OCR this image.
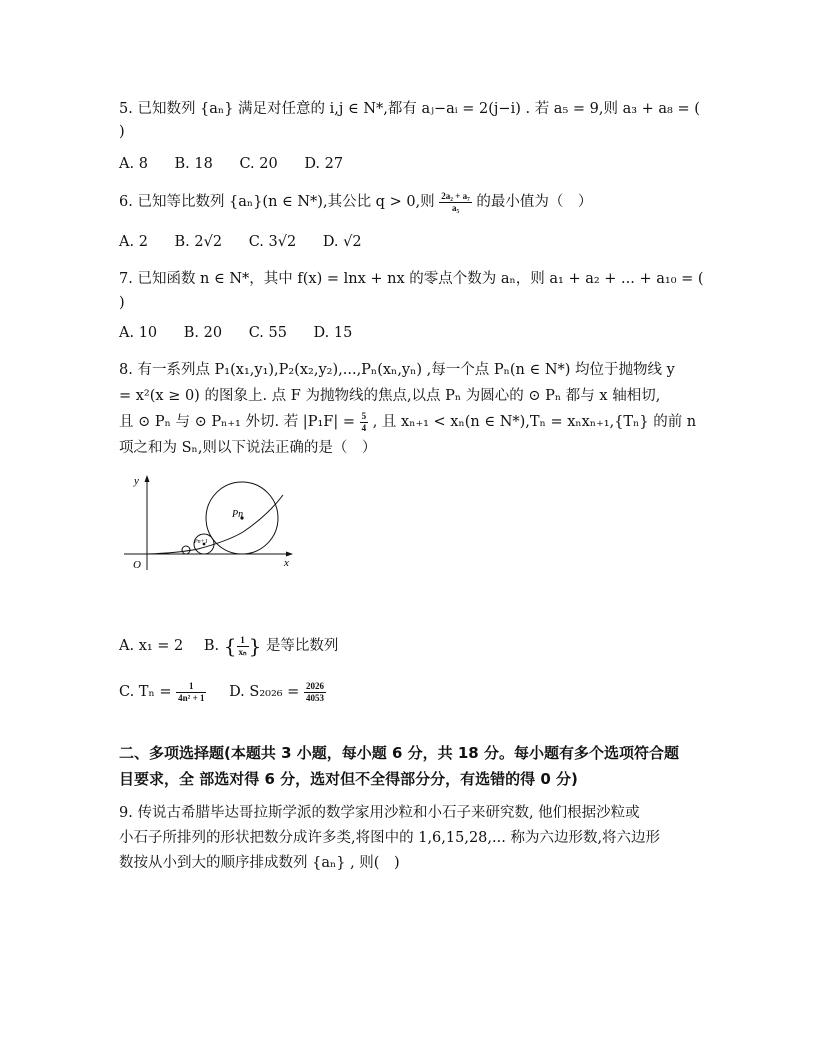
5. 已知数列 {aₙ} 满足对任意的 i,j ∈ N*,都有 aⱼ−aᵢ = 2(j−i) . 若 a₅ = 9,则 a₃ + a₈ = (
)
A. 8 B. 18 C. 20 D. 27
6. 已知等比数列 {aₙ}(n ∈ N*),其公比 q > 0,则 $\frac{\text{2a₂ + a₇}}{\text{a₅}}$ 的最小值为（　）
A. 2 B. 2√2 C. 3√2 D. √2
7. 已知函数 n ∈ N*，其中 f(x) = lnx + nx 的零点个数为 aₙ，则 a₁ + a₂ + ... + a₁₀ = (
)
A. 10 B. 20 C. 55 D. 15
8. 有一系列点 P₁(x₁,y₁),P₂(x₂,y₂),...,Pₙ(xₙ,yₙ) ,每一个点 Pₙ(n ∈ N*) 均位于抛物线 y
= x²(x ≥ 0) 的图象上. 点 F 为抛物线的焦点,以点 Pₙ 为圆心的 ⊙ Pₙ 都与 x 轴相切,
且 ⊙ Pₙ 与 ⊙ Pₙ₊₁ 外切. 若 $|P_1F| = \frac{5}{4}$ , 且 xₙ₊₁ < xₙ(n ∈ N*),Tₙ = xₙxₙ₊₁,{Tₙ} 的前 n
项之和为 Sₙ,则以下说法正确的是（　）
y
x
O
Pn
Pn+1
A. x₁ = 2 B. { $\frac{1}{\text{xₙ}}$ } 是等比数列
C. $T_n = \frac{1}{\text{4n² + 1}} D$. $S_{2026} = \frac{2026}{4053}$
二、多项选择题(本题共 3 小题，每小题 6 分，共 18 分。每小题有多个选项符合题
目要求，全 部选对得 6 分，选对但不全得部分分，有选错的得 0 分)
9. 传说古希腊毕达哥拉斯学派的数学家用沙粒和小石子来研究数, 他们根据沙粒或
小石子所排列的形状把数分成许多类,将图中的 1,6,15,28,... 称为六边形数,将六边形
数按从小到大的顺序排成数列 {aₙ} , 则(　)
